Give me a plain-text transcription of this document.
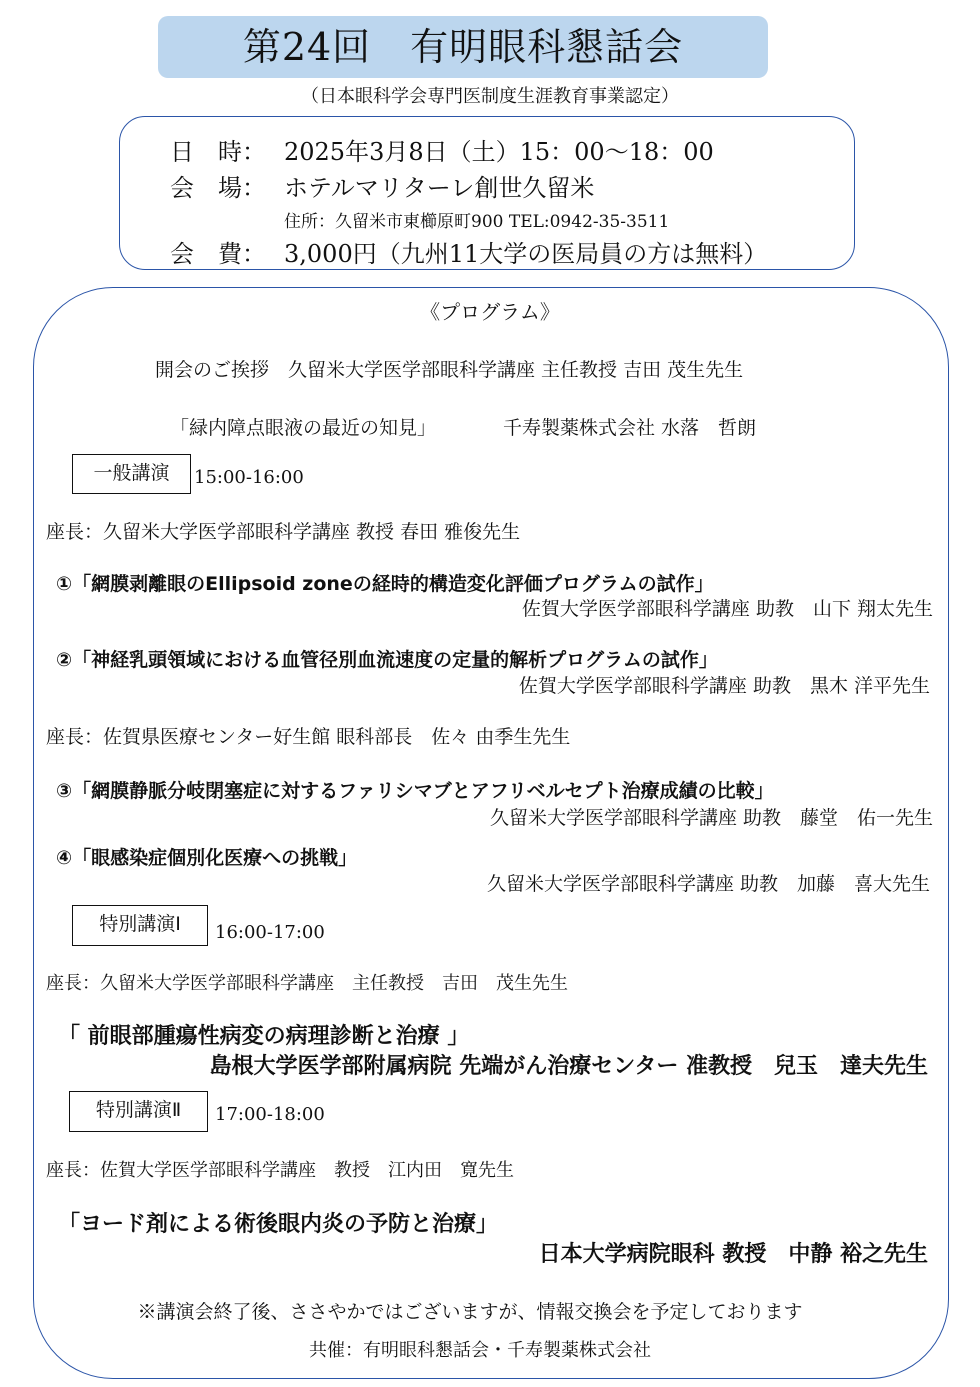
第24回　有明眼科懇話会
（日本眼科学会専門医制度生涯教育事業認定）
日　時： 2025年3月8日（土）15：00～18：00
会　場： ホテルマリターレ創世久留米
住所：久留米市東櫛原町900 TEL:0942-35-3511
会　費： 3,000円（九州11大学の医局員の方は無料）
《プログラム》
開会のご挨拶　久留米大学医学部眼科学講座 主任教授 吉田 茂生先生
「緑内障点眼液の最近の知見」	千寿製薬株式会社 水落　哲朗
一般講演	15:00-16:00
座長：久留米大学医学部眼科学講座 教授 春田 雅俊先生
①「網膜剥離眼のEllipsoid zoneの経時的構造変化評価プログラムの試作」
佐賀大学医学部眼科学講座 助教　山下 翔太先生
②「神経乳頭領域における血管径別血流速度の定量的解析プログラムの試作」
佐賀大学医学部眼科学講座 助教　黒木 洋平先生
座長：佐賀県医療センター好生館 眼科部長　佐々 由季生先生
③「網膜静脈分岐閉塞症に対するファリシマブとアフリベルセプト治療成績の比較」
久留米大学医学部眼科学講座 助教　藤堂　佑一先生
④「眼感染症個別化医療への挑戦」
久留米大学医学部眼科学講座 助教　加藤　喜大先生
特別講演Ⅰ	16:00-17:00
座長：久留米大学医学部眼科学講座　主任教授　吉田　茂生先生
「 前眼部腫瘍性病変の病理診断と治療 」
島根大学医学部附属病院 先端がん治療センター 准教授　兒玉　達夫先生
特別講演Ⅱ	17:00-18:00
座長：佐賀大学医学部眼科学講座　教授　江内田　寛先生
「ヨード剤による術後眼内炎の予防と治療」
日本大学病院眼科 教授　中静 裕之先生
※講演会終了後、ささやかではございますが、情報交換会を予定しております
共催：有明眼科懇話会・千寿製薬株式会社
